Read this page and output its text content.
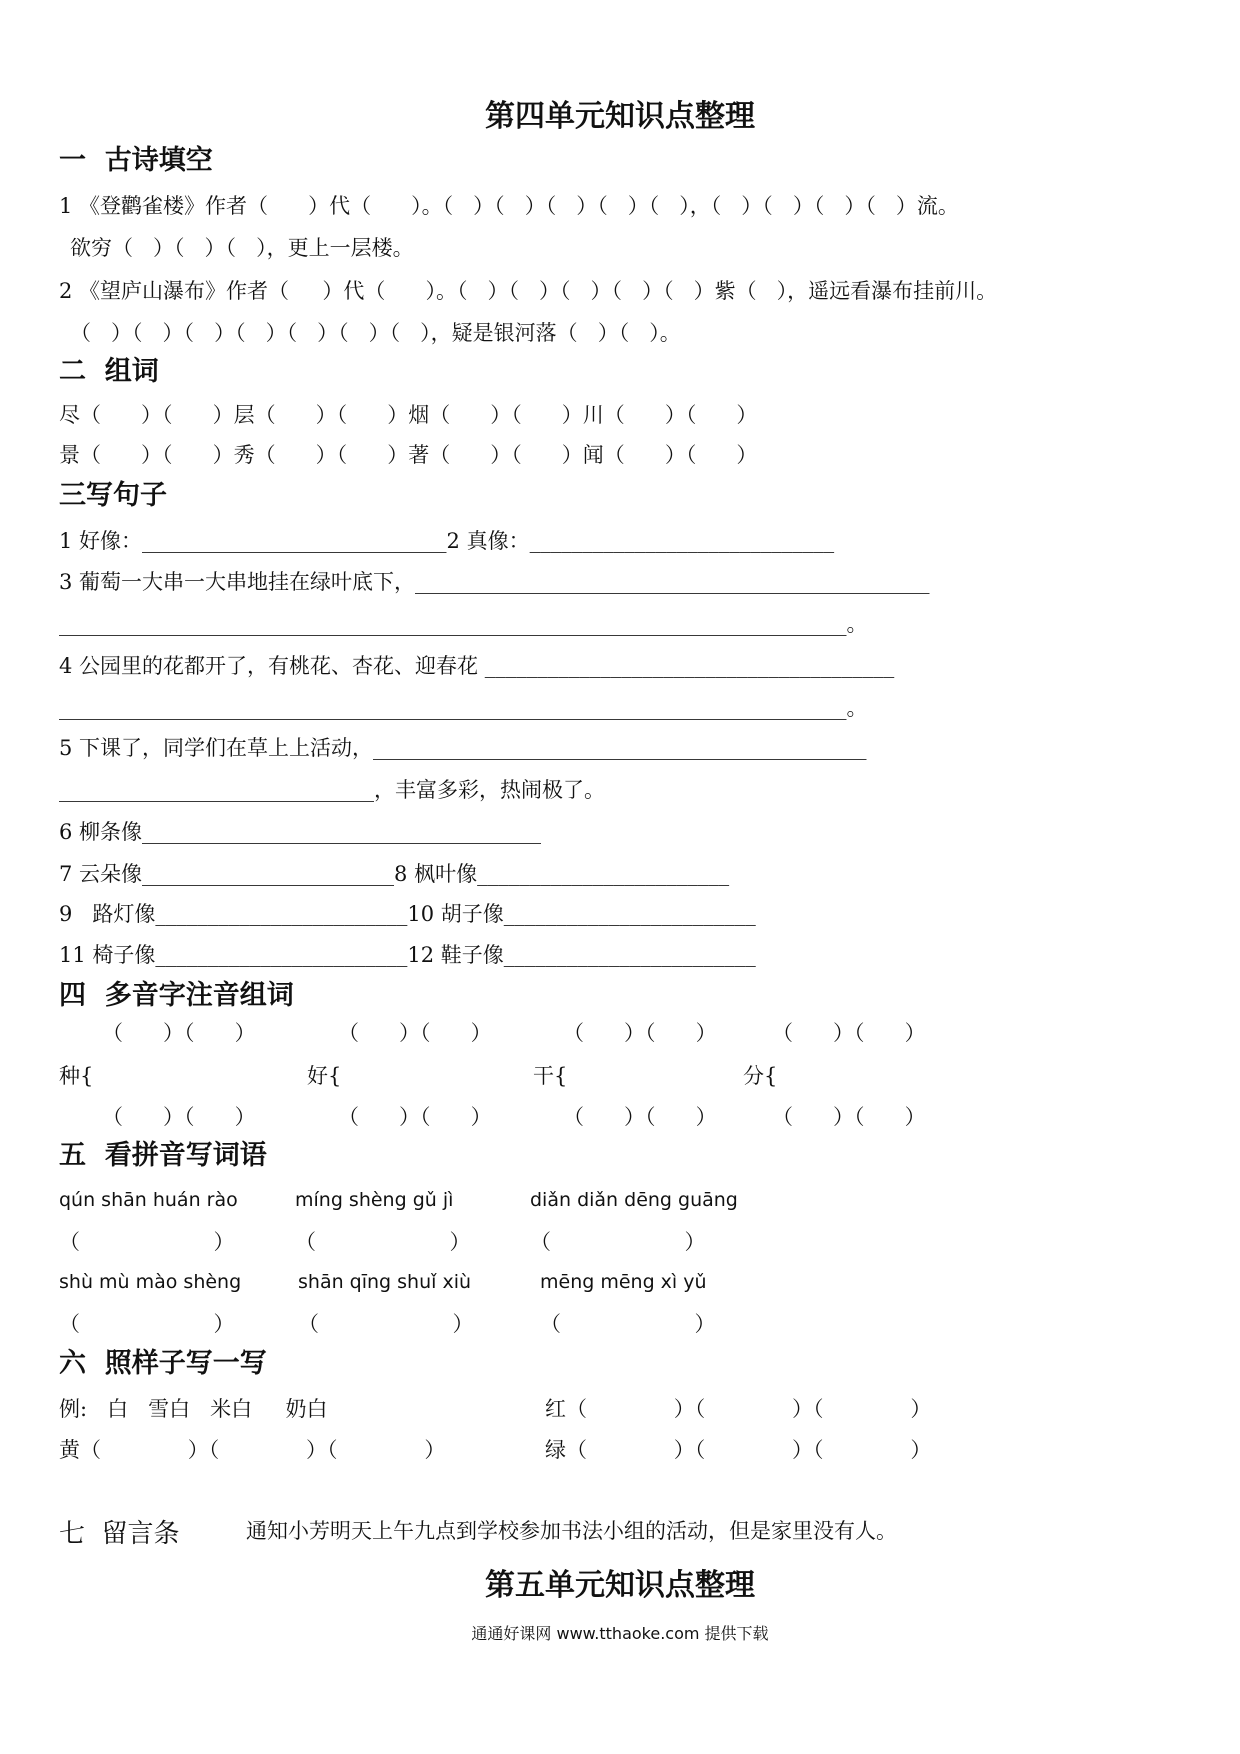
第四单元知识点整理
一  古诗填空
1 《登鹳雀楼》作者（      ）代（      ）。（   ）（   ）（   ）（   ）（   ），（   ）（   ）（   ）（   ）流。
欲穷（   ）（   ）（   ），更上一层楼。
2 《望庐山瀑布》作者（     ）代（      ）。（   ）（   ）（   ）（   ）（   ）紫（   ），遥远看瀑布挂前川。
（   ）（   ）（   ）（   ）（   ）（   ）（   ），疑是银河落（   ）（   ）。
二  组词
尽（      ）（      ）层（      ）（      ）烟（      ）（      ）川（      ）（      ）
景（      ）（      ）秀（      ）（      ）著（      ）（      ）闻（      ）（      ）
三写句子
1 好像：_____________________________2 真像：_____________________________
3 葡萄一大串一大串地挂在绿叶底下，_________________________________________________
___________________________________________________________________________。
4 公园里的花都开了，有桃花、杏花、迎春花 _______________________________________
___________________________________________________________________________。
5 下课了，同学们在草上上活动，_______________________________________________
______________________________，丰富多彩，热闹极了。
6 柳条像______________________________________
7 云朵像________________________8 枫叶像________________________
9   路灯像________________________10 胡子像________________________
11 椅子像________________________12 鞋子像________________________
四  多音字注音组词
（      ）（      ）	（      ）（      ）	（      ）（      ）	（      ）（      ）
种{	好{	干{	分{
（      ）（      ）	（      ）（      ）	（      ）（      ）	（      ）（      ）
五  看拼音写词语
qún shān huán rào	míng shèng gǔ jì	diǎn diǎn dēng guāng
（                    ）	（                    ）	（                    ）
shù mù mào shèng	shān qīng shuǐ xiù	mēng mēng xì yǔ
（                    ）	（                    ）	（                    ）
六  照样子写一写
例:   白   雪白   米白     奶白	红（             ）（             ）（             ）
黄（             ）（             ）（             ）	绿（             ）（             ）（             ）
七  留言条	通知小芳明天上午九点到学校参加书法小组的活动，但是家里没有人。
第五单元知识点整理
通通好课网 www.tthaoke.com 提供下载
